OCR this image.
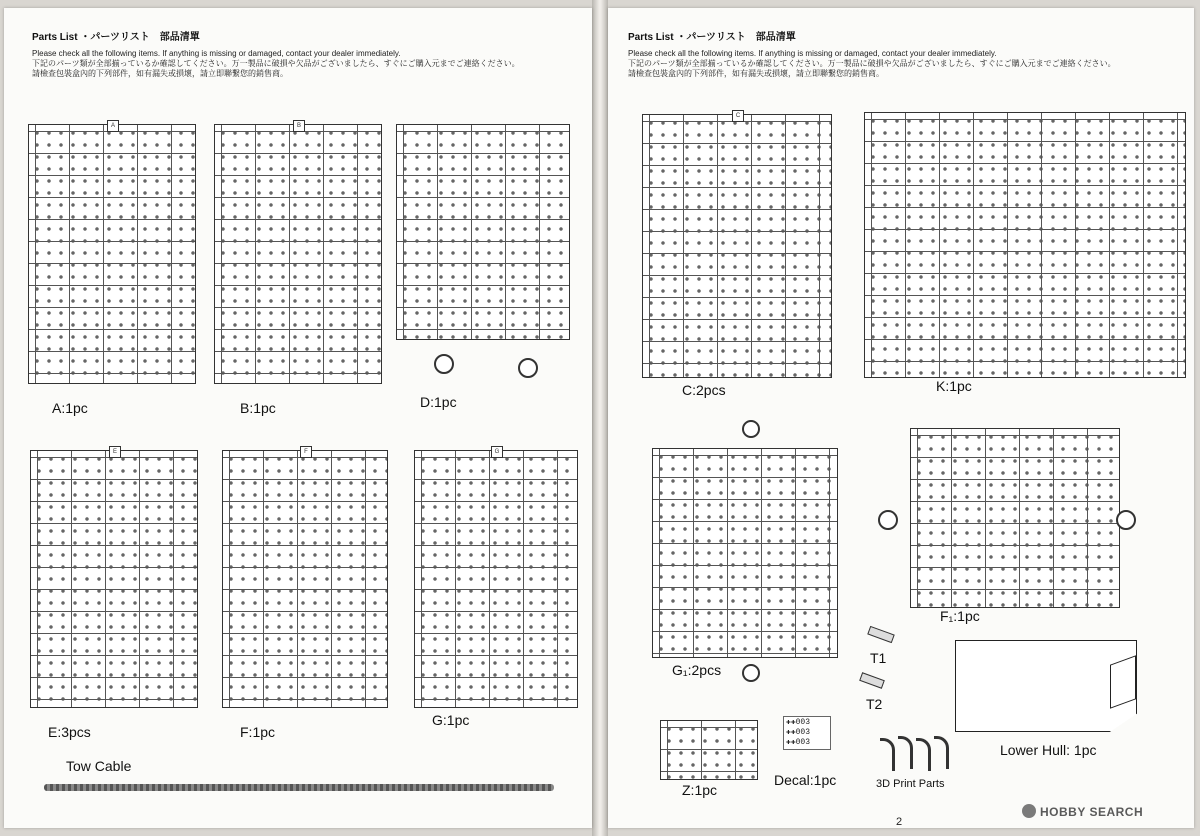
Parts List ・パーツリスト　部品清單
Please check all the following items. If anything is missing or damaged, contact your dealer immediately.
下記のパーツ類が全部揃っているか確認してください。万一製品に破損や欠品がございましたら、すぐにご購入元までご連絡ください。
請檢查包裝盒內的下列部件，如有漏失或損壞，請立即聯繫您的銷售商。
A	B
A:1pc	B:1pc	D:1pc
E	F	G
E:3pcs	F:1pc
G:1pc
Tow Cable
Parts List ・パーツリスト　部品清單
Please check all the following items. If anything is missing or damaged, contact your dealer immediately.
下記のパーツ類が全部揃っているか確認してください。万一製品に破損や欠品がございましたら、すぐにご購入元までご連絡ください。
請檢查包裝盒內的下列部件，如有漏失或損壞，請立即聯繫您的銷售商。
C
C:2pcs	K:1pc
G₁:2pcs
F₁:1pc
T1
T2
3D Print Parts
Z:1pc
Decal:1pc
Lower Hull: 1pc
2
✚✚003
✚✚003
✚✚003
HOBBY SEARCH
